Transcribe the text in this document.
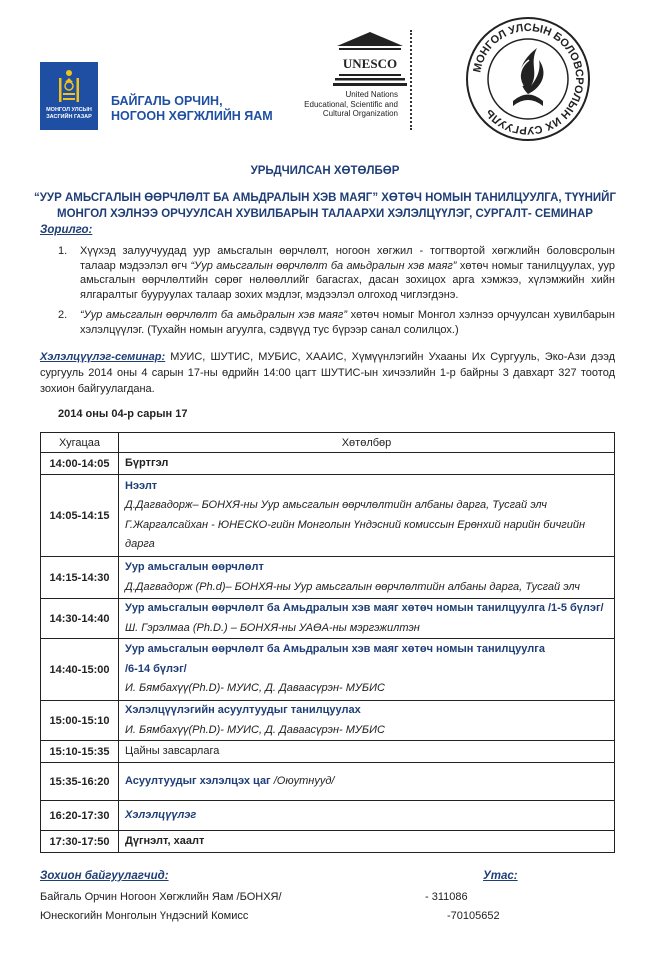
МОНГОЛ УЛСЫН ЗАСГИЙН ГАЗАР
БАЙГАЛЬ ОРЧИН,
НОГООН ХӨГЖЛИЙН ЯАМ
UNESCO
United Nations
Educational, Scientific and
Cultural Organization
МОНГОЛ УЛСЫН БОЛОВСРОЛЫН ИХ СУРГУУЛЬ
УРЬДЧИЛСАН ХӨТӨЛБӨР
“УУР АМЬСГАЛЫН ӨӨРЧЛӨЛТ БА АМЬДРАЛЫН ХЭВ МАЯГ” ХӨТӨЧ НОМЫН ТАНИЛЦУУЛГА, ТҮҮНИЙГ
МОНГОЛ ХЭЛНЭЭ ОРЧУУЛСАН ХУВИЛБАРЫН ТАЛААРХИ ХЭЛЭЛЦҮҮЛЭГ, СУРГАЛТ- СЕМИНАР
Зорилго:
1. Хүүхэд залуучуудад уур амьсгалын өөрчлөлт, ногоон хөгжил - тогтвортой хөгжлийн боловсролын талаар мэдээлэл өгч “Уур амьсгалын өөрчлөлт ба амьдралын хэв маяг” хөтөч номыг танилцуулах, уур амьсгалын өөрчлөлтийн сөрөг нөлөөллийг багасгах, дасан зохицох арга хэмжээ, хүлэмжийн хийн ялгаралтыг бууруулах талаар зохих мэдлэг, мэдээлэл олгоход чиглэгдэнэ.
2. “Уур амьсгалын өөрчлөлт ба амьдралын хэв маяг” хөтөч номыг Монгол хэлнээ орчуулсан хувилбарын хэлэлцүүлэг. (Тухайн номын агуулга, сэдвүүд тус бүрээр санал солилцох.)
Хэлэлцүүлэг-семинар: МУИС, ШУТИС, МУБИС, ХААИС, Хүмүүнлэгийн Ухааны Их Сургууль, Эко-Ази дээд сургууль 2014 оны 4 сарын 17-ны өдрийн 14:00 цагт ШУТИС-ын хичээлийн 1-р байрны 3 давхарт 327 тоотод зохион байгуулагдана.
2014 оны 04-р сарын 17
Хугацаа	Хөтөлбөр
14:00-14:05	Бүртгэл

14:05-14:15	Нээлт
Д.Дагвадорж– БОНХЯ-ны Уур амьсгалын өөрчлөлтийн албаны дарга, Тусгай элч
Г.Жаргалсайхан - ЮНЕСКО-гийн Монголын Үндэсний комиссын Ерөнхий нарийн бичгийн
дарга

14:15-14:30	Уур амьсгалын өөрчлөлт
Д.Дагвадорж (Ph.d)– БОНХЯ-ны Уур амьсгалын өөрчлөлтийн албаны дарга, Тусгай элч

14:30-14:40	Уур амьсгалын өөрчлөлт ба Амьдралын хэв маяг хөтөч номын танилцуулга /1-5 бүлэг/
Ш. Гэрэлмаа (Ph.D.) – БОНХЯ-ны УАӨА-ны мэргэжилтэн

14:40-15:00	Уур амьсгалын өөрчлөлт ба Амьдралын хэв маяг хөтөч номын танилцуулга
/6-14 бүлэг/
И. Бямбахүү(Ph.D)- МУИС, Д. Даваасүрэн- МУБИС

15:00-15:10	Хэлэлцүүлэгийн асуултуудыг танилцуулах
И. Бямбахүү(Ph.D)- МУИС, Д. Даваасүрэн- МУБИС

15:10-15:35	Цайны завсарлага

15:35-16:20	Асуултуудыг хэлэлцэх цаг /Оюутнууд/

16:20-17:30	Хэлэлцүүлэг

17:30-17:50	Дүгнэлт, хаалт
Зохион байгуулагчид:	Утас:
Байгаль Орчин Ногоон Хөгжлийн Яам /БОНХЯ/	- 311086
Юнескогийн Монголын Үндэсний Комисс	-70105652
